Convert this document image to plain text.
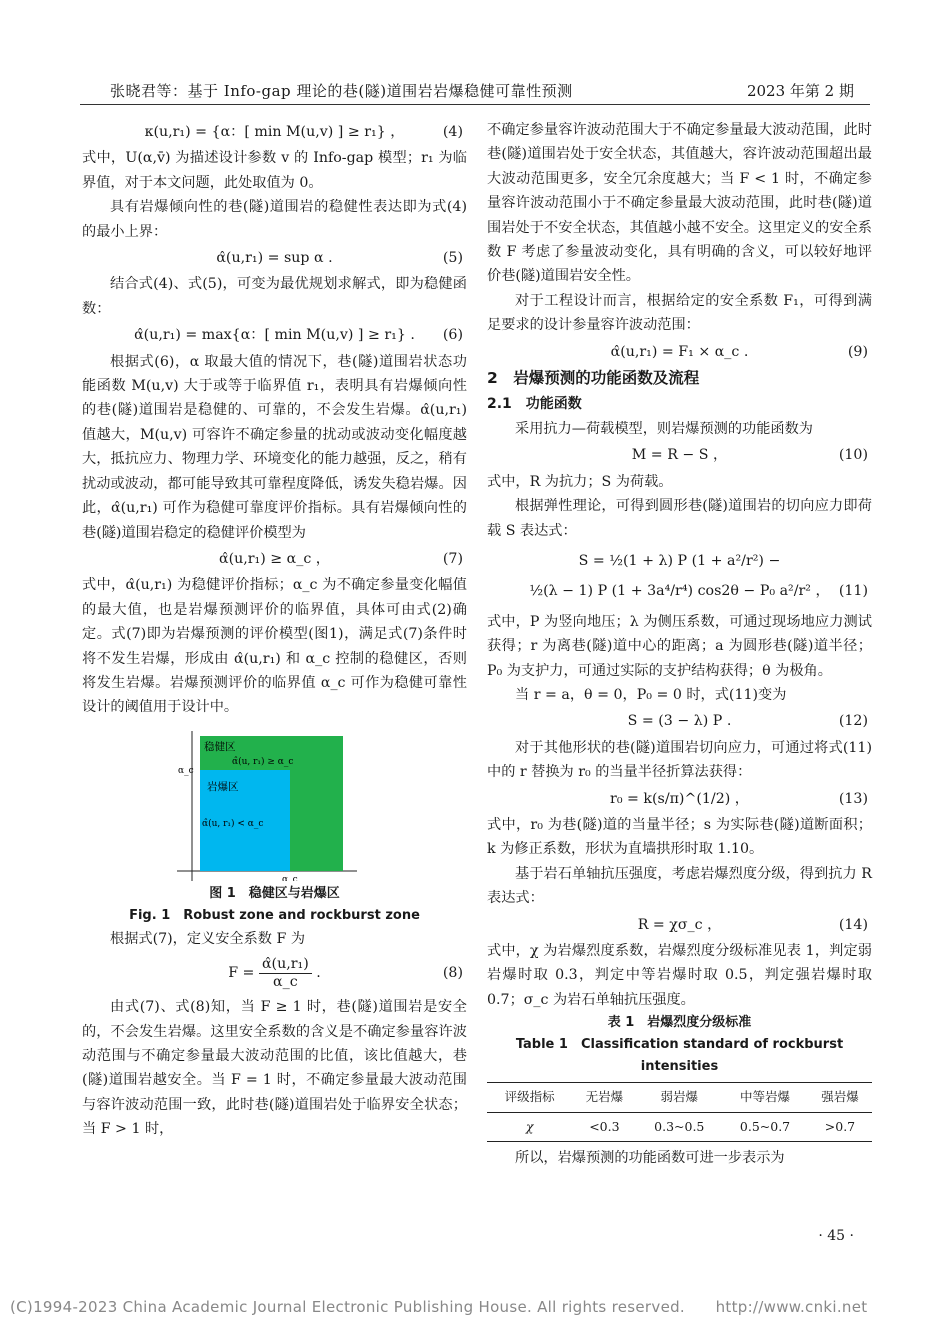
张晓君等：基于 Info-gap 理论的巷(隧)道围岩岩爆稳健可靠性预测	2023 年第 2 期
κ(u,r₁) = {α：[ min M(u,v) ] ≥ r₁} ，	(4)

式中，U(α,v̄) 为描述设计参数 v 的 Info-gap 模型；r₁ 为临界值，对于本文问题，此处取值为 0。

具有岩爆倾向性的巷(隧)道围岩的稳健性表达即为式(4)的最小上界：

α̂(u,r₁) = sup α .	(5)

结合式(4)、式(5)，可变为最优规划求解式，即为稳健函数：

α̂(u,r₁) = max{α：[ min M(u,v) ] ≥ r₁} . (6)

根据式(6)，α 取最大值的情况下，巷(隧)道围岩状态功能函数 M(u,v) 大于或等于临界值 r₁，表明具有岩爆倾向性的巷(隧)道围岩是稳健的、可靠的，不会发生岩爆。α̂(u,r₁) 值越大，M(u,v) 可容许不确定参量的扰动或波动变化幅度越大，抵抗应力、物理力学、环境变化的能力越强，反之，稍有扰动或波动，都可能导致其可靠程度降低，诱发失稳岩爆。因此，α̂(u,r₁) 可作为稳健可靠度评价指标。具有岩爆倾向性的巷(隧)道围岩稳定的稳健评价模型为

α̂(u,r₁) ≥ α_c ，	(7)

式中，α̂(u,r₁) 为稳健评价指标；α_c 为不确定参量变化幅值的最大值，也是岩爆预测评价的临界值，具体可由式(2)确定。式(7)即为岩爆预测的评价模型(图1)，满足式(7)条件时将不发生岩爆，形成由 α̂(u,r₁) 和 α_c 控制的稳健区，否则将发生岩爆。岩爆预测评价的临界值 α_c 可作为稳健可靠性设计的阈值用于设计中。

稳健区
α̂(u, r₁) ≥ α_c
岩爆区
α̂(u, r₁) < α_c
α_c
α_c
图 1　稳健区与岩爆区
Fig. 1　Robust zone and rockburst zone

根据式(7)，定义安全系数 F 为

$F = \frac{\text{α̂(u,r₁)}}{\alpha\_c}$ .	(8)

由式(7)、式(8)知，当 F ≥ 1 时，巷(隧)道围岩是安全的，不会发生岩爆。这里安全系数的含义是不确定参量容许波动范围与不确定参量最大波动范围的比值，该比值越大，巷(隧)道围岩越安全。当 F = 1 时，不确定参量最大波动范围与容许波动范围一致，此时巷(隧)道围岩处于临界安全状态；当 F > 1 时，

不确定参量容许波动范围大于不确定参量最大波动范围，此时巷(隧)道围岩处于安全状态，其值越大，容许波动范围超出最大波动范围更多，安全冗余度越大；当 F < 1 时，不确定参量容许波动范围小于不确定参量最大波动范围，此时巷(隧)道围岩处于不安全状态，其值越小越不安全。这里定义的安全系数 F 考虑了参量波动变化，具有明确的含义，可以较好地评价巷(隧)道围岩安全性。

对于工程设计而言，根据给定的安全系数 F₁，可得到满足要求的设计参量容许波动范围：

α̂(u,r₁) = F₁ × α_c .	(9)
2　岩爆预测的功能函数及流程
2.1　功能函数

采用抗力—荷载模型，则岩爆预测的功能函数为

M = R − S ，	(10)

式中，R 为抗力；S 为荷载。

根据弹性理论，可得到圆形巷(隧)道围岩的切向应力即荷载 S 表达式：

S = ½(1 + λ) P (1 + a²/r²) −
½(λ − 1) P (1 + 3a⁴/r⁴) cos2θ − P₀ a²/r² ， (11)

式中，P 为竖向地压；λ 为侧压系数，可通过现场地应力测试获得；r 为离巷(隧)道中心的距离；a 为圆形巷(隧)道半径；P₀ 为支护力，可通过实际的支护结构获得；θ 为极角。

当 r = a，θ = 0，P₀ = 0 时，式(11)变为

S = (3 − λ) P .	(12)

对于其他形状的巷(隧)道围岩切向应力，可通过将式(11)中的 r 替换为 r₀ 的当量半径折算法获得：

r₀ = k(s/π)^(1/2) ，	(13)

式中，r₀ 为巷(隧)道的当量半径；s 为实际巷(隧)道断面积；k 为修正系数，形状为直墙拱形时取 1.10。

基于岩石单轴抗压强度，考虑岩爆烈度分级，得到抗力 R 表达式：

R = χσ_c ，	(14)

式中，χ 为岩爆烈度系数，岩爆烈度分级标准见表 1，判定弱岩爆时取 0.3，判定中等岩爆时取 0.5，判定强岩爆时取 0.7；σ_c 为岩石单轴抗压强度。

表 1　岩爆烈度分级标准
Table 1　Classification standard of rockburst intensities
评级指标	无岩爆	弱岩爆	中等岩爆	强岩爆
χ	<0.3	0.3~0.5	0.5~0.7	>0.7

所以，岩爆预测的功能函数可进一步表示为

· 45 ·
(C)1994-2023 China Academic Journal Electronic Publishing House. All rights reserved.　　http://www.cnki.net
